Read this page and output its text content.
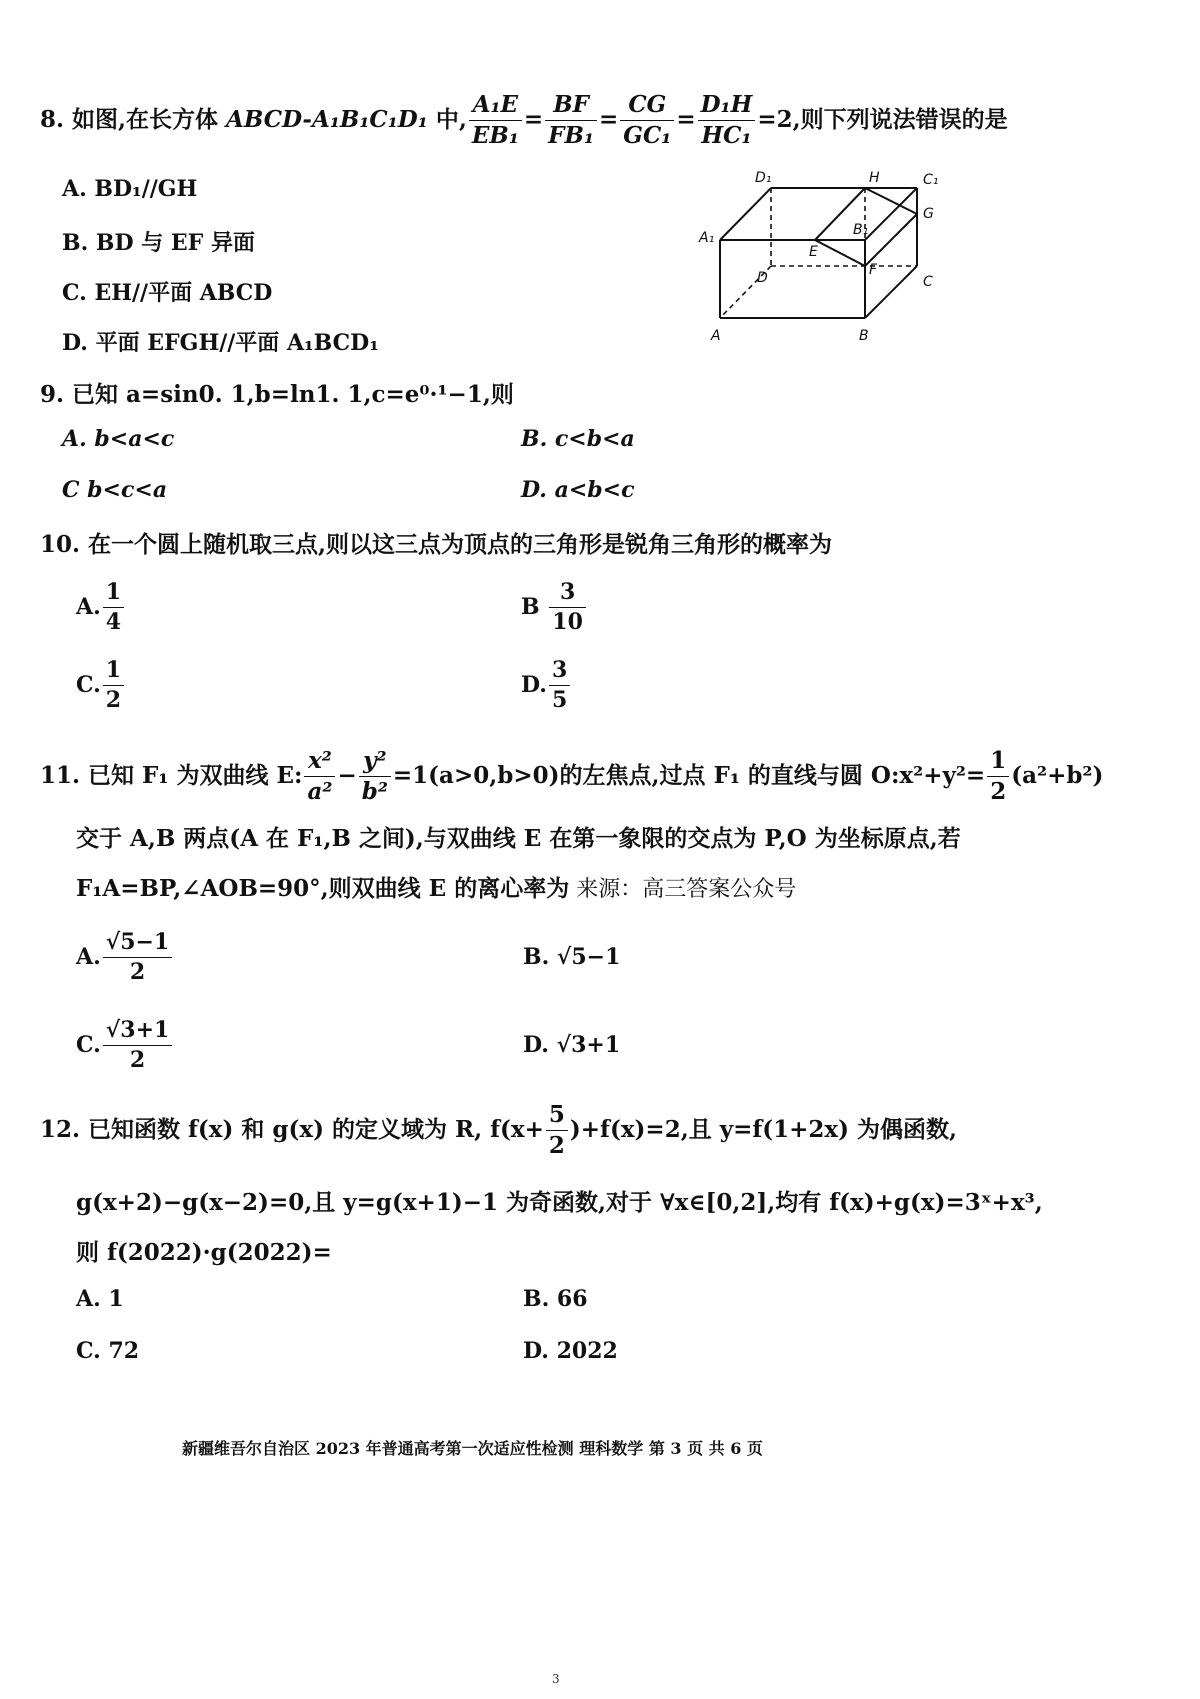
8. 如图,在长方体 ABCD-A₁B₁C₁D₁ 中, $\frac{\text{A₁E}}{\text{EB₁}} = \frac{BF}{\text{FB₁}} = \frac{CG}{\text{GC₁}} = \frac{\text{D₁H}}{\text{HC₁}} =2$,则下列说法错误的是
A. BD₁//GH
B. BD 与 EF 异面
C. EH//平面 ABCD
D. 平面 EFGH//平面 A₁BCD₁
D₁	H	C₁
G
A₁
E
B₁
F
D	C
A	B
9. 已知 a=sin0. 1,b=ln1. 1,c=e⁰·¹−1,则
A. b<a<c	B. c<b<a
C b<c<a	D. a<b<c
10. 在一个圆上随机取三点,则以这三点为顶点的三角形是锐角三角形的概率为
A. $\frac{1}{4}$	B $\frac{3}{10}$
C. $\frac{1}{2}$	D. $\frac{3}{5}$
11. 已知 F₁ 为双曲线 E: $\frac{\text{x²}}{\text{a²}} - \frac{\text{y²}}{\text{b²}} =1(a>0,b>0)$的左焦点,过点 F₁ 的直线与圆 O:x²+y²= $\frac{1}{2} (a^2+b^2)$
交于 A,B 两点(A 在 F₁,B 之间),与双曲线 E 在第一象限的交点为 P,O 为坐标原点,若
F₁A=BP,∠AOB=90°,则双曲线 E 的离心率为 来源：高三答案公众号
A. $\frac{√5-1}{2}$	B. √5−1
C. $\frac{√3+1}{2}$	D. √3+1
12. 已知函数 f(x) 和 g(x) 的定义域为 R, $f(x+ \frac{5}{2} )+f(x)=2$,且 y=f(1+2x) 为偶函数,
g(x+2)−g(x−2)=0,且 y=g(x+1)−1 为奇函数,对于 ∀x∈[0,2],均有 f(x)+g(x)=3ˣ+x³,
则 f(2022)·g(2022)=
A. 1	B. 66
C. 72	D. 2022
新疆维吾尔自治区 2023 年普通高考第一次适应性检测 理科数学 第 3 页 共 6 页
3
